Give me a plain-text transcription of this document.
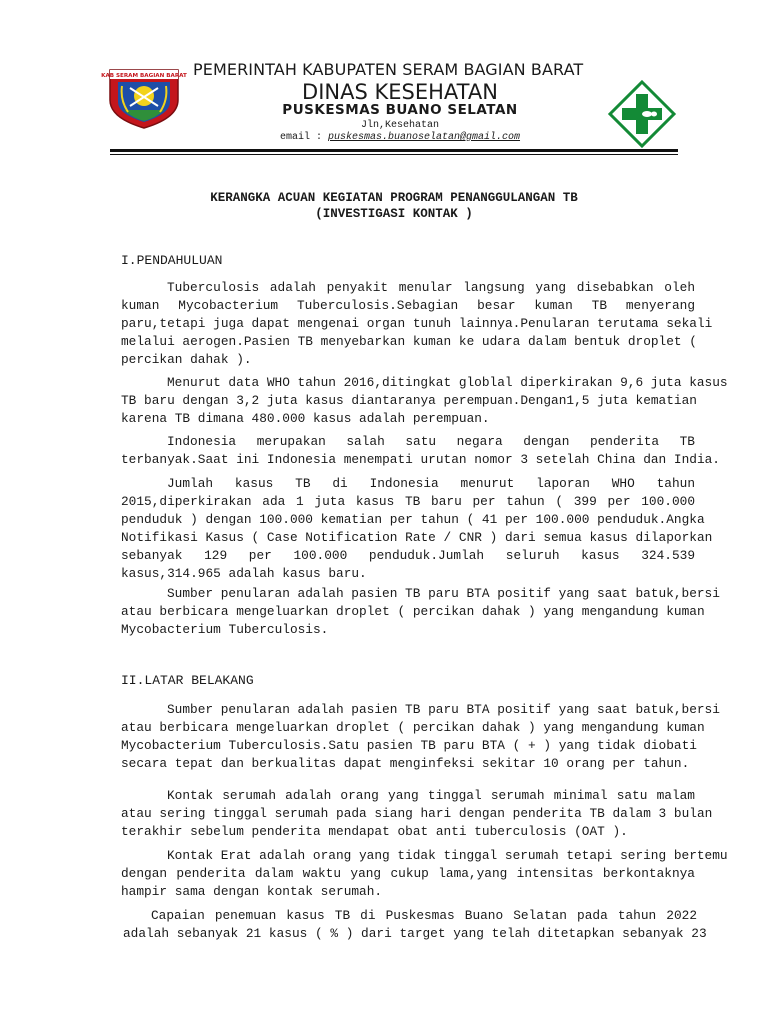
KAB SERAM BAGIAN BARAT PEMERINTAH KABUPATEN SERAM BAGIAN BARAT
DINAS KESEHATAN
PUSKESMAS BUANO SELATAN
Jln,Kesehatan
email : puskesmas.buanoselatan@gmail.com
KERANGKA ACUAN KEGIATAN PROGRAM PENANGGULANGAN TB
(INVESTIGASI KONTAK )
I.PENDAHULUAN
Tuberculosis adalah penyakit menular langsung yang disebabkan oleh
kuman Mycobacterium Tuberculosis.Sebagian besar kuman TB menyerang
paru,tetapi juga dapat mengenai organ tunuh lainnya.Penularan terutama sekali
melalui aerogen.Pasien TB menyebarkan kuman ke udara dalam bentuk droplet (
percikan dahak ).
Menurut data WHO tahun 2016,ditingkat globlal diperkirakan 9,6 juta kasus
TB baru dengan 3,2 juta kasus diantaranya perempuan.Dengan1,5 juta kematian
karena TB dimana 480.000 kasus adalah perempuan.
Indonesia merupakan salah satu negara dengan penderita TB
terbanyak.Saat ini Indonesia menempati urutan nomor 3 setelah China dan India.
Jumlah kasus TB di Indonesia menurut laporan WHO tahun
2015,diperkirakan ada 1 juta kasus TB baru per tahun ( 399 per 100.000
penduduk ) dengan 100.000 kematian per tahun ( 41 per 100.000 penduduk.Angka
Notifikasi Kasus ( Case Notification Rate / CNR ) dari semua kasus dilaporkan
sebanyak 129 per 100.000 penduduk.Jumlah seluruh kasus 324.539
kasus,314.965 adalah kasus baru.
Sumber penularan adalah pasien TB paru BTA positif yang saat batuk,bersi
atau berbicara mengeluarkan droplet ( percikan dahak ) yang mengandung kuman
Mycobacterium Tuberculosis.
II.LATAR BELAKANG
Sumber penularan adalah pasien TB paru BTA positif yang saat batuk,bersi
atau berbicara mengeluarkan droplet ( percikan dahak ) yang mengandung kuman
Mycobacterium Tuberculosis.Satu pasien TB paru BTA ( + ) yang tidak diobati
secara tepat dan berkualitas dapat menginfeksi sekitar 10 orang per tahun.
Kontak serumah adalah orang yang tinggal serumah minimal satu malam
atau sering tinggal serumah pada siang hari dengan penderita TB dalam 3 bulan
terakhir sebelum penderita mendapat obat anti tuberculosis (OAT ).
Kontak Erat adalah orang yang tidak tinggal serumah tetapi sering bertemu
dengan penderita dalam waktu yang cukup lama,yang intensitas berkontaknya
hampir sama dengan kontak serumah.
Capaian penemuan kasus TB di Puskesmas Buano Selatan pada tahun 2022
adalah sebanyak 21 kasus ( % ) dari target yang telah ditetapkan sebanyak 23
